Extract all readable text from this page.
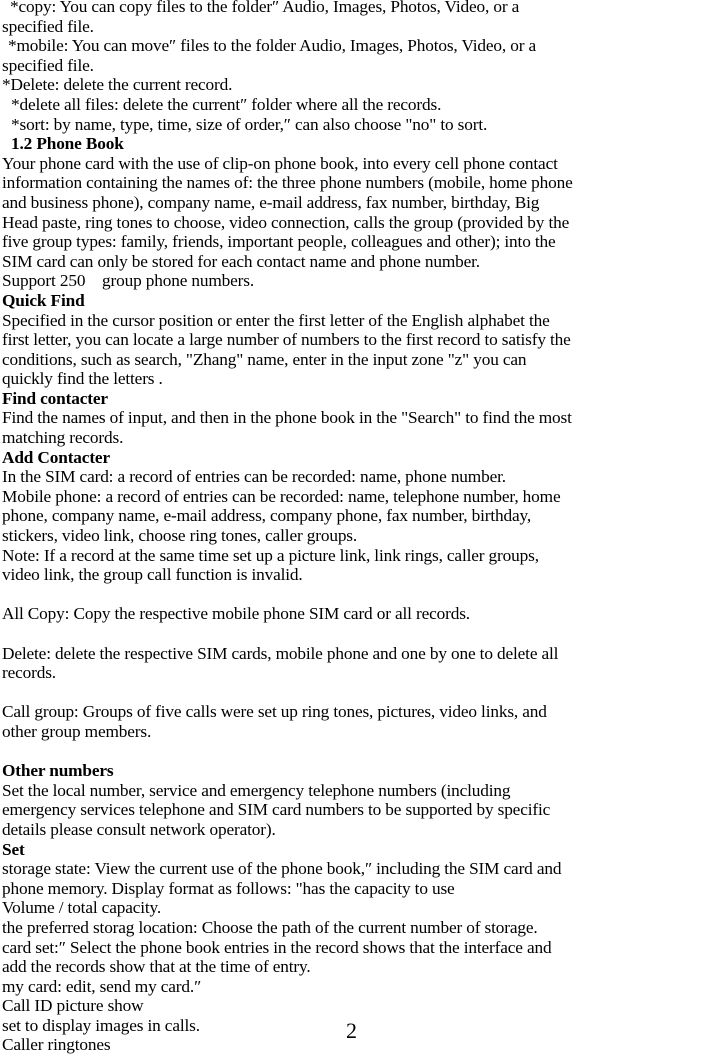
*copy: You can copy files to the folder″ Audio, Images, Photos, Video, or a

specified file.

*mobile: You can move″ files to the folder Audio, Images, Photos, Video, or a

specified file.

*Delete: delete the current record.

*delete all files: delete the current″ folder where all the records.

*sort: by name, type, time, size of order,″ can also choose "no" to sort.

1.2 Phone Book

Your phone card with the use of clip-on phone book, into every cell phone contact

information containing the names of: the three phone numbers (mobile, home phone

and business phone), company name, e-mail address, fax number, birthday, Big

Head paste, ring tones to choose, video connection, calls the group (provided by the

five group types: family, friends, important people, colleagues and other); into the

SIM card can only be stored for each contact name and phone number.

Support 250    group phone numbers.

Quick Find

Specified in the cursor position or enter the first letter of the English alphabet the

first letter, you can locate a large number of numbers to the first record to satisfy the

conditions, such as search, "Zhang" name, enter in the input zone "z" you can

quickly find the letters .

Find contacter

Find the names of input, and then in the phone book in the "Search" to find the most

matching records.

Add Contacter

In the SIM card: a record of entries can be recorded: name, phone number.

Mobile phone: a record of entries can be recorded: name, telephone number, home

phone, company name, e-mail address, company phone, fax number, birthday,

stickers, video link, choose ring tones, caller groups.

Note: If a record at the same time set up a picture link, link rings, caller groups,

video link, the group call function is invalid.

All Copy: Copy the respective mobile phone SIM card or all records.

Delete: delete the respective SIM cards, mobile phone and one by one to delete all

records.

Call group: Groups of five calls were set up ring tones, pictures, video links, and

other group members.

Other numbers

Set the local number, service and emergency telephone numbers (including

emergency services telephone and SIM card numbers to be supported by specific

details please consult network operator).

Set

storage state: View the current use of the phone book,″ including the SIM card and

phone memory. Display format as follows: "has the capacity to use

Volume / total capacity.

the preferred storag location: Choose the path of the current number of storage.

card set:″ Select the phone book entries in the record shows that the interface and

add the records show that at the time of entry.

my card: edit, send my card.″

Call ID picture show

set to display images in calls.

Caller ringtones

2
